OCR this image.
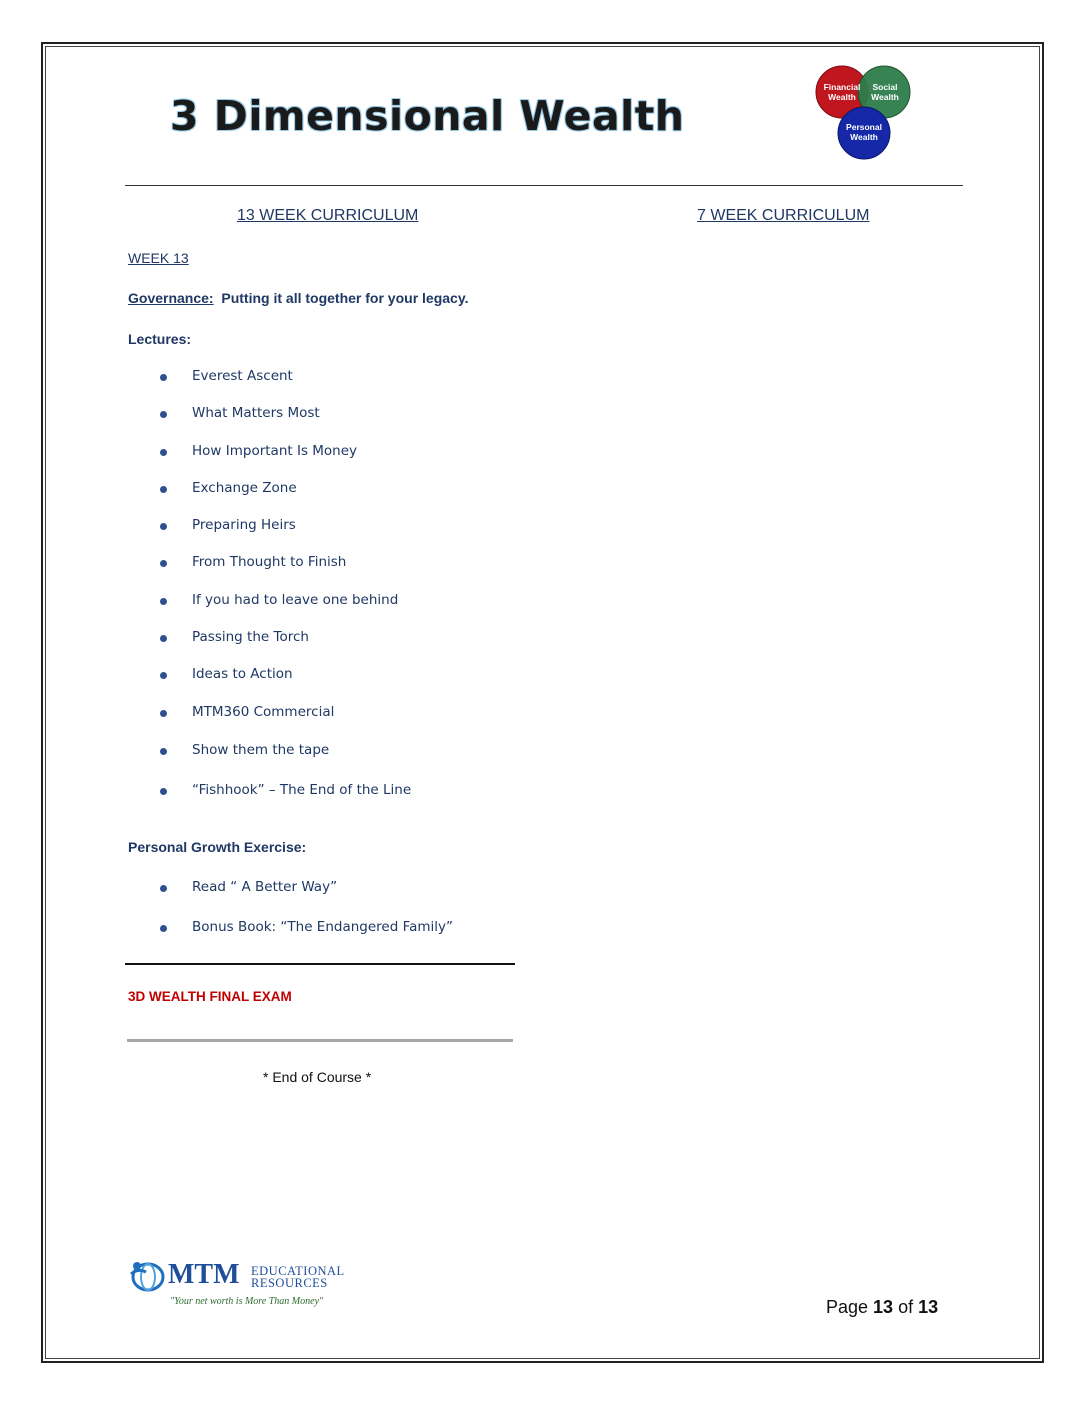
3 Dimensional Wealth
Financial
Wealth
Social
Wealth
Personal
Wealth
13 WEEK CURRICULUM	7 WEEK CURRICULUM
WEEK 13
Governance: Putting it all together for your legacy.
Lectures:
Everest Ascent
What Matters Most
How Important Is Money
Exchange Zone
Preparing Heirs
From Thought to Finish
If you had to leave one behind
Passing the Torch
Ideas to Action
MTM360 Commercial
Show them the tape
“Fishhook” – The End of the Line
Personal Growth Exercise:
Read “ A Better Way”
Bonus Book: “The Endangered Family”
3D WEALTH FINAL EXAM
* End of Course *
MTM EDUCATIONAL
RESOURCES
"Your net worth is More Than Money"	Page 13 of 13
